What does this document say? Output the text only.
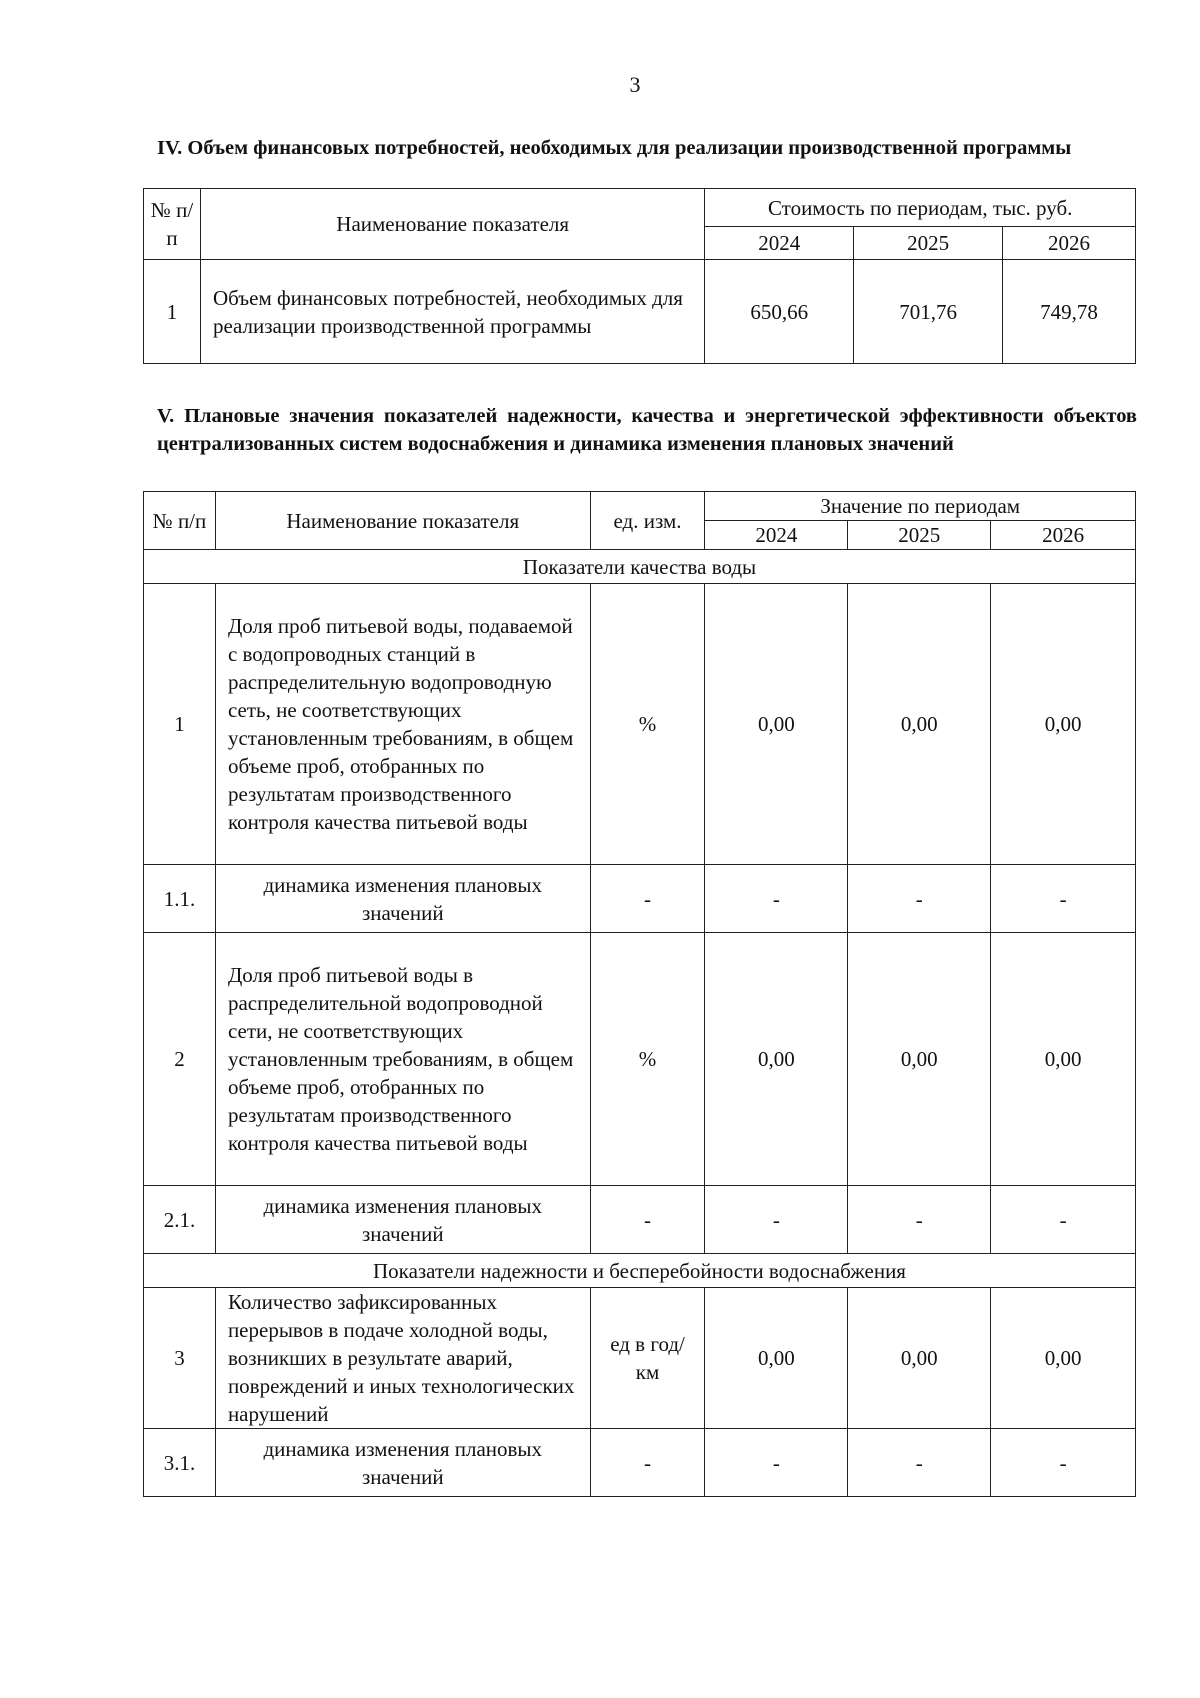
3
IV. Объем финансовых потребностей, необходимых для реализации производственной программы
№ п/п	Наименование показателя	Стоимость по периодам, тыс. руб.		
		2024	2025	2026
1	Объем финансовых потребностей, необходимых для реализации производственной программы	650,66	701,76	749,78
V. Плановые значения показателей надежности, качества и энергетической эффективности объектов централизованных систем водоснабжения и динамика изменения плановых значений
№ п/п	Наименование показателя	ед. изм.	Значение по периодам		
			2024	2025	2026
Показатели качества воды					
1	Доля проб питьевой воды, подаваемой с водопроводных станций в распределительную водопроводную сеть, не соответствующих установленным требованиям, в общем объеме проб, отобранных по результатам производственного контроля качества питьевой воды	%	0,00	0,00	0,00
1.1.	динамика изменения плановых значений	-	-	-	-
2	Доля проб питьевой воды в распределительной водопроводной сети, не соответствующих установленным требованиям, в общем объеме проб, отобранных по результатам производственного контроля качества питьевой воды	%	0,00	0,00	0,00
2.1.	динамика изменения плановых значений	-	-	-	-
Показатели надежности и бесперебойности водоснабжения					
3	Количество зафиксированных перерывов в подаче холодной воды, возникших в результате аварий, повреждений и иных технологических нарушений	ед в год/ км	0,00	0,00	0,00
3.1.	динамика изменения плановых значений	-	-	-	-
